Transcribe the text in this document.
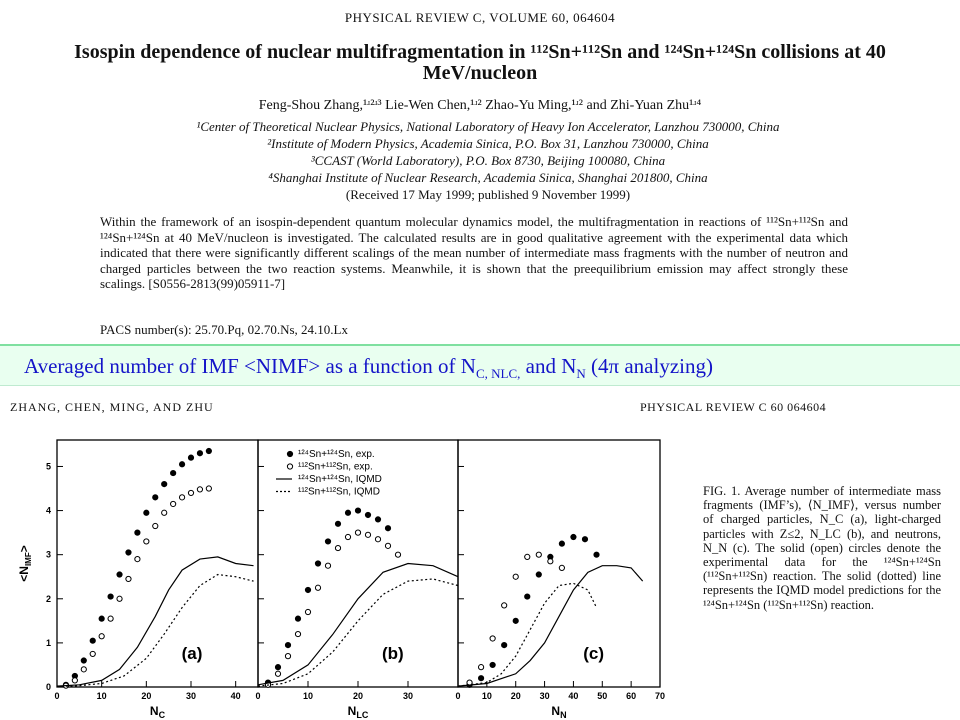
PHYSICAL REVIEW C, VOLUME 60, 064604
Isospin dependence of nuclear multifragmentation in ¹¹²Sn+¹¹²Sn and ¹²⁴Sn+¹²⁴Sn collisions at 40 MeV/nucleon
Feng-Shou Zhang,¹ʴ²ʴ³ Lie-Wen Chen,¹ʴ² Zhao-Yu Ming,¹ʴ² and Zhi-Yuan Zhu¹ʴ⁴
¹Center of Theoretical Nuclear Physics, National Laboratory of Heavy Ion Accelerator, Lanzhou 730000, China
²Institute of Modern Physics, Academia Sinica, P.O. Box 31, Lanzhou 730000, China
³CCAST (World Laboratory), P.O. Box 8730, Beijing 100080, China
⁴Shanghai Institute of Nuclear Research, Academia Sinica, Shanghai 201800, China
(Received 17 May 1999; published 9 November 1999)
Within the framework of an isospin-dependent quantum molecular dynamics model, the multifragmentation in reactions of ¹¹²Sn+¹¹²Sn and ¹²⁴Sn+¹²⁴Sn at 40 MeV/nucleon is investigated. The calculated results are in good qualitative agreement with the experimental data which indicated that there were significantly different scalings of the mean number of intermediate mass fragments with the number of neutron and charged particles between the two reaction systems. Meanwhile, it is shown that the preequilibrium emission may affect strongly these scalings. [S0556-2813(99)05911-7]
PACS number(s): 25.70.Pq, 02.70.Ns, 24.10.Lx
Averaged number of IMF <NIMF> as a function of $N_{C, NLC,}$ and $N_N$ (4π analyzing)
ZHANG, CHEN, MING, AND ZHU	PHYSICAL REVIEW C 60 064604
0	10	20	30	40
0
1
2
3
4
5
(a)
$N_C$
0	10	20	30
(b)
$N_{LC}$
0 10 20 30 40 50 60 70
(c)
$N_N$
$<N_{IMF}>$
¹²⁴Sn+¹²⁴Sn, exp.
¹¹²Sn+¹¹²Sn, exp.
¹²⁴Sn+¹²⁴Sn, IQMD
¹¹²Sn+¹¹²Sn, IQMD	FIG. 1. Average number of intermediate mass fragments (IMF’s), ⟨N_IMF⟩, versus number of charged particles, N_C (a), light-charged particles with Z≤2, N_LC (b), and neutrons, N_N (c). The solid (open) circles denote the experimental data for the ¹²⁴Sn+¹²⁴Sn (¹¹²Sn+¹¹²Sn) reaction. The solid (dotted) line represents the IQMD model predictions for the ¹²⁴Sn+¹²⁴Sn (¹¹²Sn+¹¹²Sn) reaction.
